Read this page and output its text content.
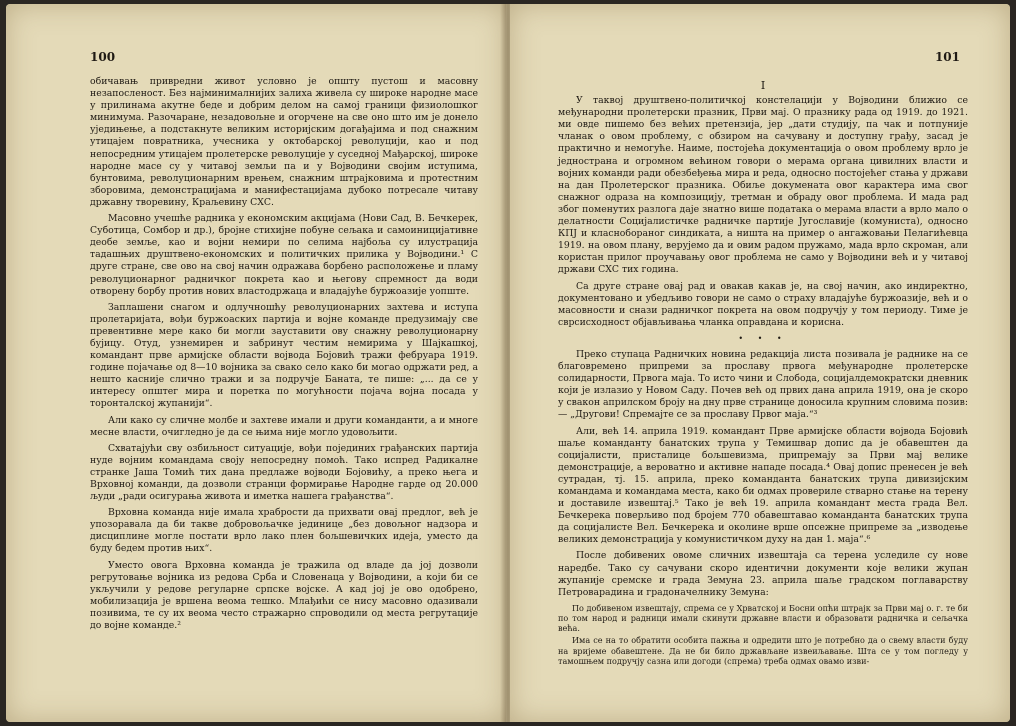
100

обичавањ привредни живот условно је општу пустош и масовну незапосленост. Без најминималнијих залиха живела су широке народне масе у прилинама акутне беде и добрим делом на самој граници физиолошког минимума. Разочаране, незадовољне и огорчене на све оно што им је донело уједињење, а подстакнуте великим историјским догађајима и под снажним утицајем повратника, учесника у октобарској револуцији, као и под непосредним утицајем пролетерске револуције у суседној Мађарској, широке народне масе су у читавој земљи па и у Војводини својим иступима, бунтовима, револуционарним врењем, снажним штрајковима и протестним зборовима, демонстрацијама и манифестацијама дубоко потресале читаву државну творевину, Краљевину СХС.

Масовно учешће радника у економским акцијама (Нови Сад, В. Бечкерек, Суботица, Сомбор и др.), бројне стихијне побуне сељака и самоиницијативне деобе земље, као и војни немири по селима најбоља су илустрација тадашњих друштвено-економских и политичких прилика у Војводини.¹ С друге стране, све ово на свој начин одражава борбено расположење и пламу револуционарног радничког покрета као и његову спремност да води отворену борбу против нових властодржаца и владајуће буржоазије уопште.

Заплашени снагом и одлучношћу револуционарних захтева и иступа пролетаријата, вођи буржоаских партија и војне команде предузимају све превентивне мере како би могли зауставити ову снажну револуционарну бујицу. Отуд, узнемирен и забринут честим немирима у Шајкашкој, командант прве армијске области војвода Бојовић тражи фебруара 1919. године појачање од 8—10 војника за свако село како би могао одржати ред, а нешто касније слично тражи и за подручје Баната, те пише: „... да се у интересу општег мира и поретка по могућности појача војна посада у торонталској жупанији“.

Али како су сличне молбе и захтеве имали и други команданти, а и многе месне власти, очигледно је да се њима није могло удовољити.

Схватајући сву озбиљност ситуације, вођи појединих грађанских партија нуде војним командама своју непосредну помоћ. Тако испред Радикалне странке Јаша Томић тих дана предлаже војводи Бојовићу, а преко њега и Врховној команди, да дозволи странци формирање Народне гарде од 20.000 људи „ради осигурања живота и иметка нашега грађанства“.

Врховна команда није имала храбрости да прихвати овај предлог, већ је упозоравала да би такве добровољачке јединице „без довољног надзора и дисциплине могле постати врло лако плен бољшевичких идеја, уместо да буду бедем против њих“.

Уместо овога Врховна команда је тражила од владе да јој дозволи регрутовање војника из редова Срба и Словенаца у Војводини, а који би се укључили у редове регуларне српске војске. А кад јој је ово одобрено, мобилизација је вршена веома тешко. Млађићи се нису масовно одазивали позивима, те су их веома често стражарно спроводили од места регрутације до војне команде.²

101
I

У таквој друштвено-политичкој констелацији у Војводини ближио се међународни пролетерски празник, Први мај. О празнику рада од 1919. до 1921. ми овде пишемо без већих претензија, јер „дати студију, па чак и потпуније чланак о овом проблему, с обзиром на сачувану и доступну грађу, засад је практично и немогуће. Наиме, постојећа документација о овом проблему врло је једнострана и огромном већином говори о мерама органа цивилних власти и војних команди ради обезбеђења мира и реда, односно постојећег стања у држави на дан Пролетерског празника. Обиље докумената овог карактера има свог снажног одраза на композицију, третман и обраду овог проблема. И мада рад због поменутих разлога даје знатно више података о мерама власти а врло мало о делатности Социјалистичке радничке партије Југославије (комуниста), односно КПЈ и класнобораног синдиката, а ништа на пример о ангажовањи Пелагићевца 1919. на овом плану, верујемо да и овим радом пружамо, мада врло скроман, али користан прилог проучавању овог проблема не само у Војводини већ и у читавој држави СХС тих година.

Са друге стране овај рад и овакав какав је, на свој начин, ако индиректно, документовано и убедљиво говори не само о страху владајуће буржоазије, већ и о масовности и снази радничког покрета на овом подручју у том периоду. Тиме је сврсисходност објављивања чланка оправдана и корисна.

• • •

Преко ступаца Радничких новина редакција листа позивала је раднике на се благовремено припреми за прославу првога међународне пролетерске солидарности, Првога маја. То исто чини и Слобода, социјалдемократски дневник који је излазио у Новом Саду. Почев већ од првих дана априла 1919, она је скоро у свакон априлском броју на дну прве странице доносила крупним словима позив: — „Другови! Спремајте се за прославу Првог маја.“³

Али, већ 14. априла 1919. командант Прве армијске области војвода Бојовић шаље команданту банатских трупа у Темишвар допис да је обавештен да социјалисти, присталице бољшевизма, припремају за Први мај велике демонстрације, а вероватно и активне нападе посада.⁴ Овај допис пренесен је већ сутрадан, тј. 15. априла, преко команданта банатских трупа дивизијским командама и командама места, како би одмах провериле стварно стање на терену и доставиле извештај.⁵ Тако је већ 19. априла командант места града Вел. Бечкерека поверљиво под бројем 770 обавештавао команданта банатских трупа да социјалисте Вел. Бечкерека и околине врше опсежне припреме за „изводење великих демонстрација у комунистичком духу на дан 1. маја“.⁶

После добивених овоме сличних извештаја са терена уследиле су нове наредбе. Тако су сачувани скоро идентични документи које велики жупан жупаније сремске и града Земуна 23. априла шаље градском поглаварству Петроварадина и градоначелнику Земуна:

По добивеном извештају, спрема се у Хрватској и Босни опћи штрајк за Први мај о. г. те би по том народ и радници имали скинути државне власти и образовати радничка и сељачка већа.
Има се на то обратити особита пажња и одредити што је потребно да о свему власти буду на вријеме обавештене. Да не би било држављане извеиљавање. Шта се у том погледу у тамошњем подручју сазна или догоди (спрема) треба одмах овамо изви-
